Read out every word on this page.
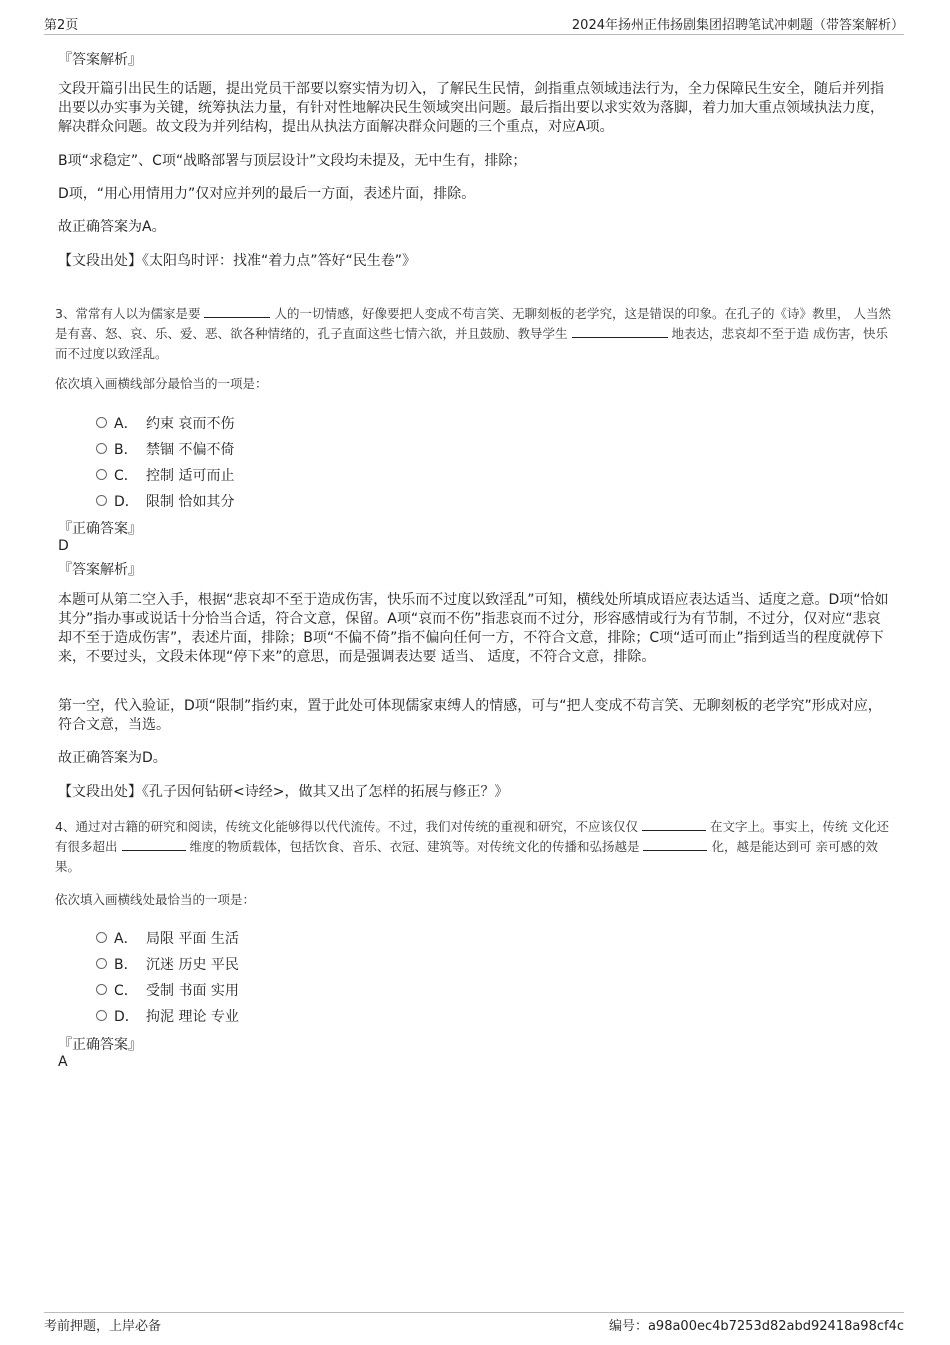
第2页	2024年扬州正伟扬剧集团招聘笔试冲刺题（带答案解析）
『答案解析』
文段开篇引出民生的话题，提出党员干部要以察实情为切入，了解民生民情，剑指重点领域违法行为，全力保障民生安全，随后并列指出要以办实事为关键，统筹执法力量，有针对性地解决民生领域突出问题。最后指出要以求实效为落脚，着力加大重点领域执法力度，解决群众问题。故文段为并列结构，提出从执法方面解决群众问题的三个重点，对应A项。
B项“求稳定”、C项“战略部署与顶层设计”文段均未提及，无中生有，排除；
D项，“用心用情用力”仅对应并列的最后一方面，表述片面，排除。
故正确答案为A。
【文段出处】《太阳鸟时评：找准“着力点”答好“民生卷”》
3、常常有人以为儒家是要	人的一切情感，好像要把人变成不苟言笑、无聊刻板的老学究，这是错误的印象。在孔子的《诗》教里， 人当然是有喜、怒、哀、乐、爱、恶、欲各种情绪的，孔子直面这些七情六欲，并且鼓励、教导学生	地表达，悲哀却不至于造 成伤害，快乐而不过度以致淫乱。
依次填入画横线部分最恰当的一项是：
A． 约束 哀而不伤
B． 禁锢 不偏不倚
C． 控制 适可而止
D． 限制 恰如其分
『正确答案』
D
『答案解析』
本题可从第二空入手，根据“悲哀却不至于造成伤害，快乐而不过度以致淫乱”可知，横线处所填成语应表达适当、适度之意。D项“恰如其分”指办事或说话十分恰当合适，符合文意，保留。A项“哀而不伤”指悲哀而不过分，形容感情或行为有节制，不过分，仅对应“悲哀却不至于造成伤害”，表述片面，排除；B项“不偏不倚”指不偏向任何一方，不符合文意，排除；C项“适可而止”指到适当的程度就停下来，不要过头，文段未体现“停下来”的意思，而是强调表达要 适当、 适度，不符合文意，排除。
第一空，代入验证，D项“限制”指约束，置于此处可体现儒家束缚人的情感，可与“把人变成不苟言笑、无聊刻板的老学究”形成对应，符合文意，当选。
故正确答案为D。
【文段出处】《孔子因何钻研<诗经>，做其又出了怎样的拓展与修正？》
4、通过对古籍的研究和阅读，传统文化能够得以代代流传。不过，我们对传统的重视和研究，不应该仅仅	在文字上。事实上，传统 文化还有很多超出	维度的物质载体，包括饮食、音乐、衣冠、建筑等。对传统文化的传播和弘扬越是	化，越是能达到可 亲可感的效果。
依次填入画横线处最恰当的一项是：
A． 局限 平面 生活
B． 沉迷 历史 平民
C． 受制 书面 实用
D． 拘泥 理论 专业
『正确答案』
A
考前押题，上岸必备	编号：a98a00ec4b7253d82abd92418a98cf4c
